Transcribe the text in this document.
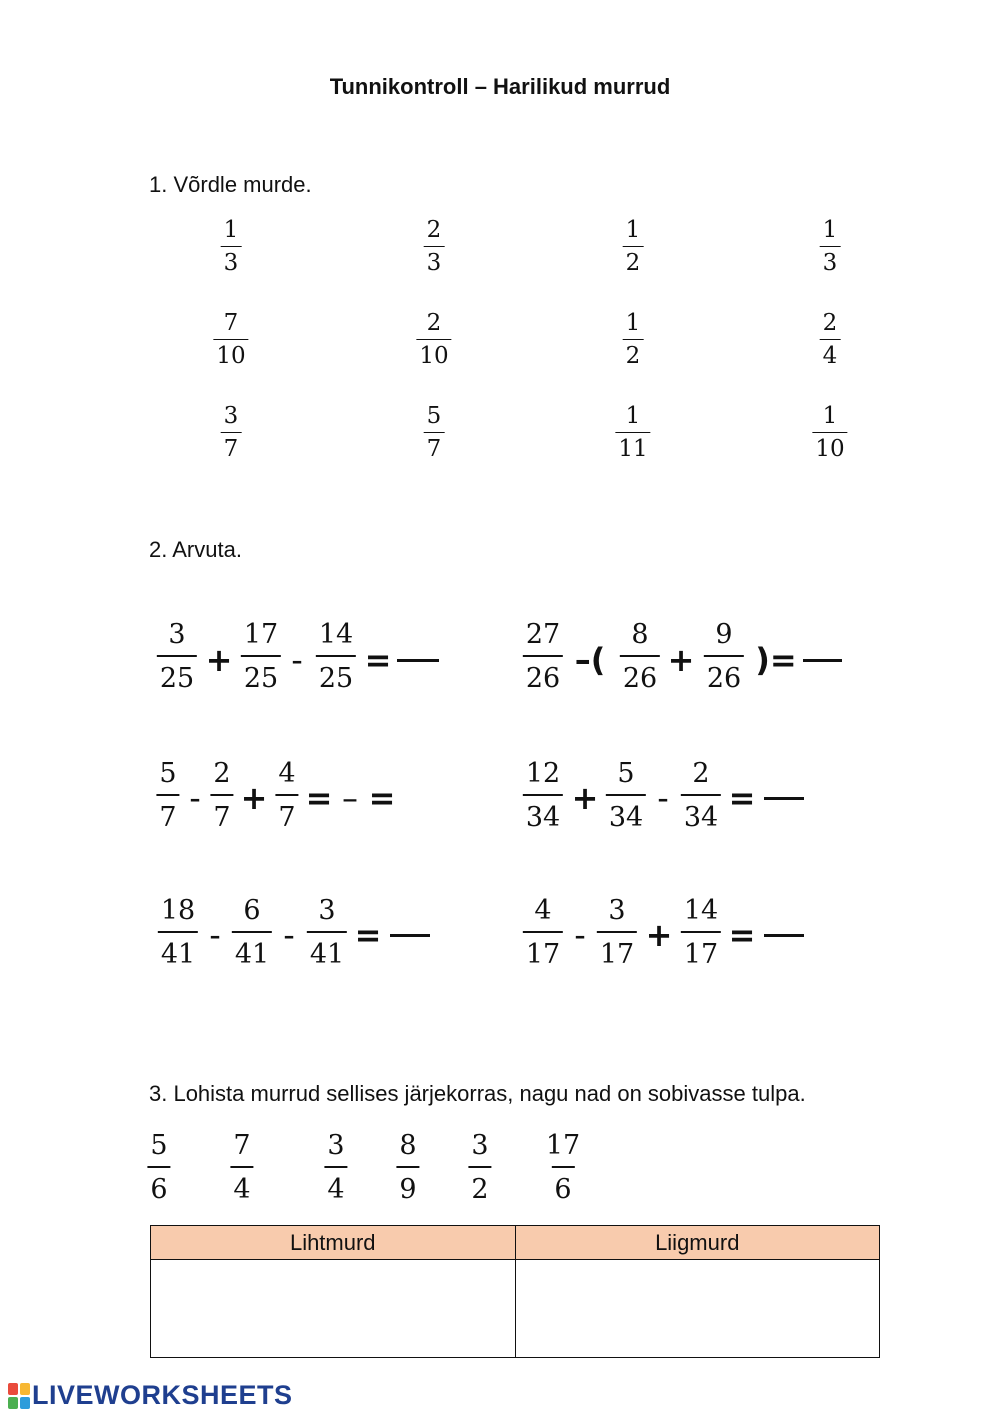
Tunnikontroll – Harilikud murrud
1. Võrdle murde.
$\frac{1}{3}$	$\frac{2}{3}$	$\frac{1}{2}$	$\frac{1}{3}$
$\frac{7}{10}$	$\frac{2}{10}$	$\frac{1}{2}$	$\frac{2}{4}$
$\frac{3}{7}$	$\frac{5}{7}$	$\frac{1}{11}$	$\frac{1}{10}$
2. Arvuta.
$\frac{3}{25} \frac{17}{25} \frac{14}{25}$
+ - =	$\frac{27}{26} \frac{8}{26} \frac{9}{26}$
–( + )=
$\frac{5}{7} \frac{2}{7} \frac{4}{7}$
- + = – =	$\frac{12}{34} \frac{5}{34} \frac{2}{34}$
+ - =
$\frac{18}{41} \frac{6}{41} \frac{3}{41}$
- - =	$\frac{4}{17} \frac{3}{17} \frac{14}{17}$
- + =
3. Lohista murrud sellises järjekorras, nagu nad on sobivasse tulpa.
$\frac{5}{6} \frac{7}{4}$	$\frac{3}{4} \frac{8}{9} \frac{3}{2} \frac{17}{6}$
Lihtmurd	Liigmurd

LIVEWORKSHEETS
